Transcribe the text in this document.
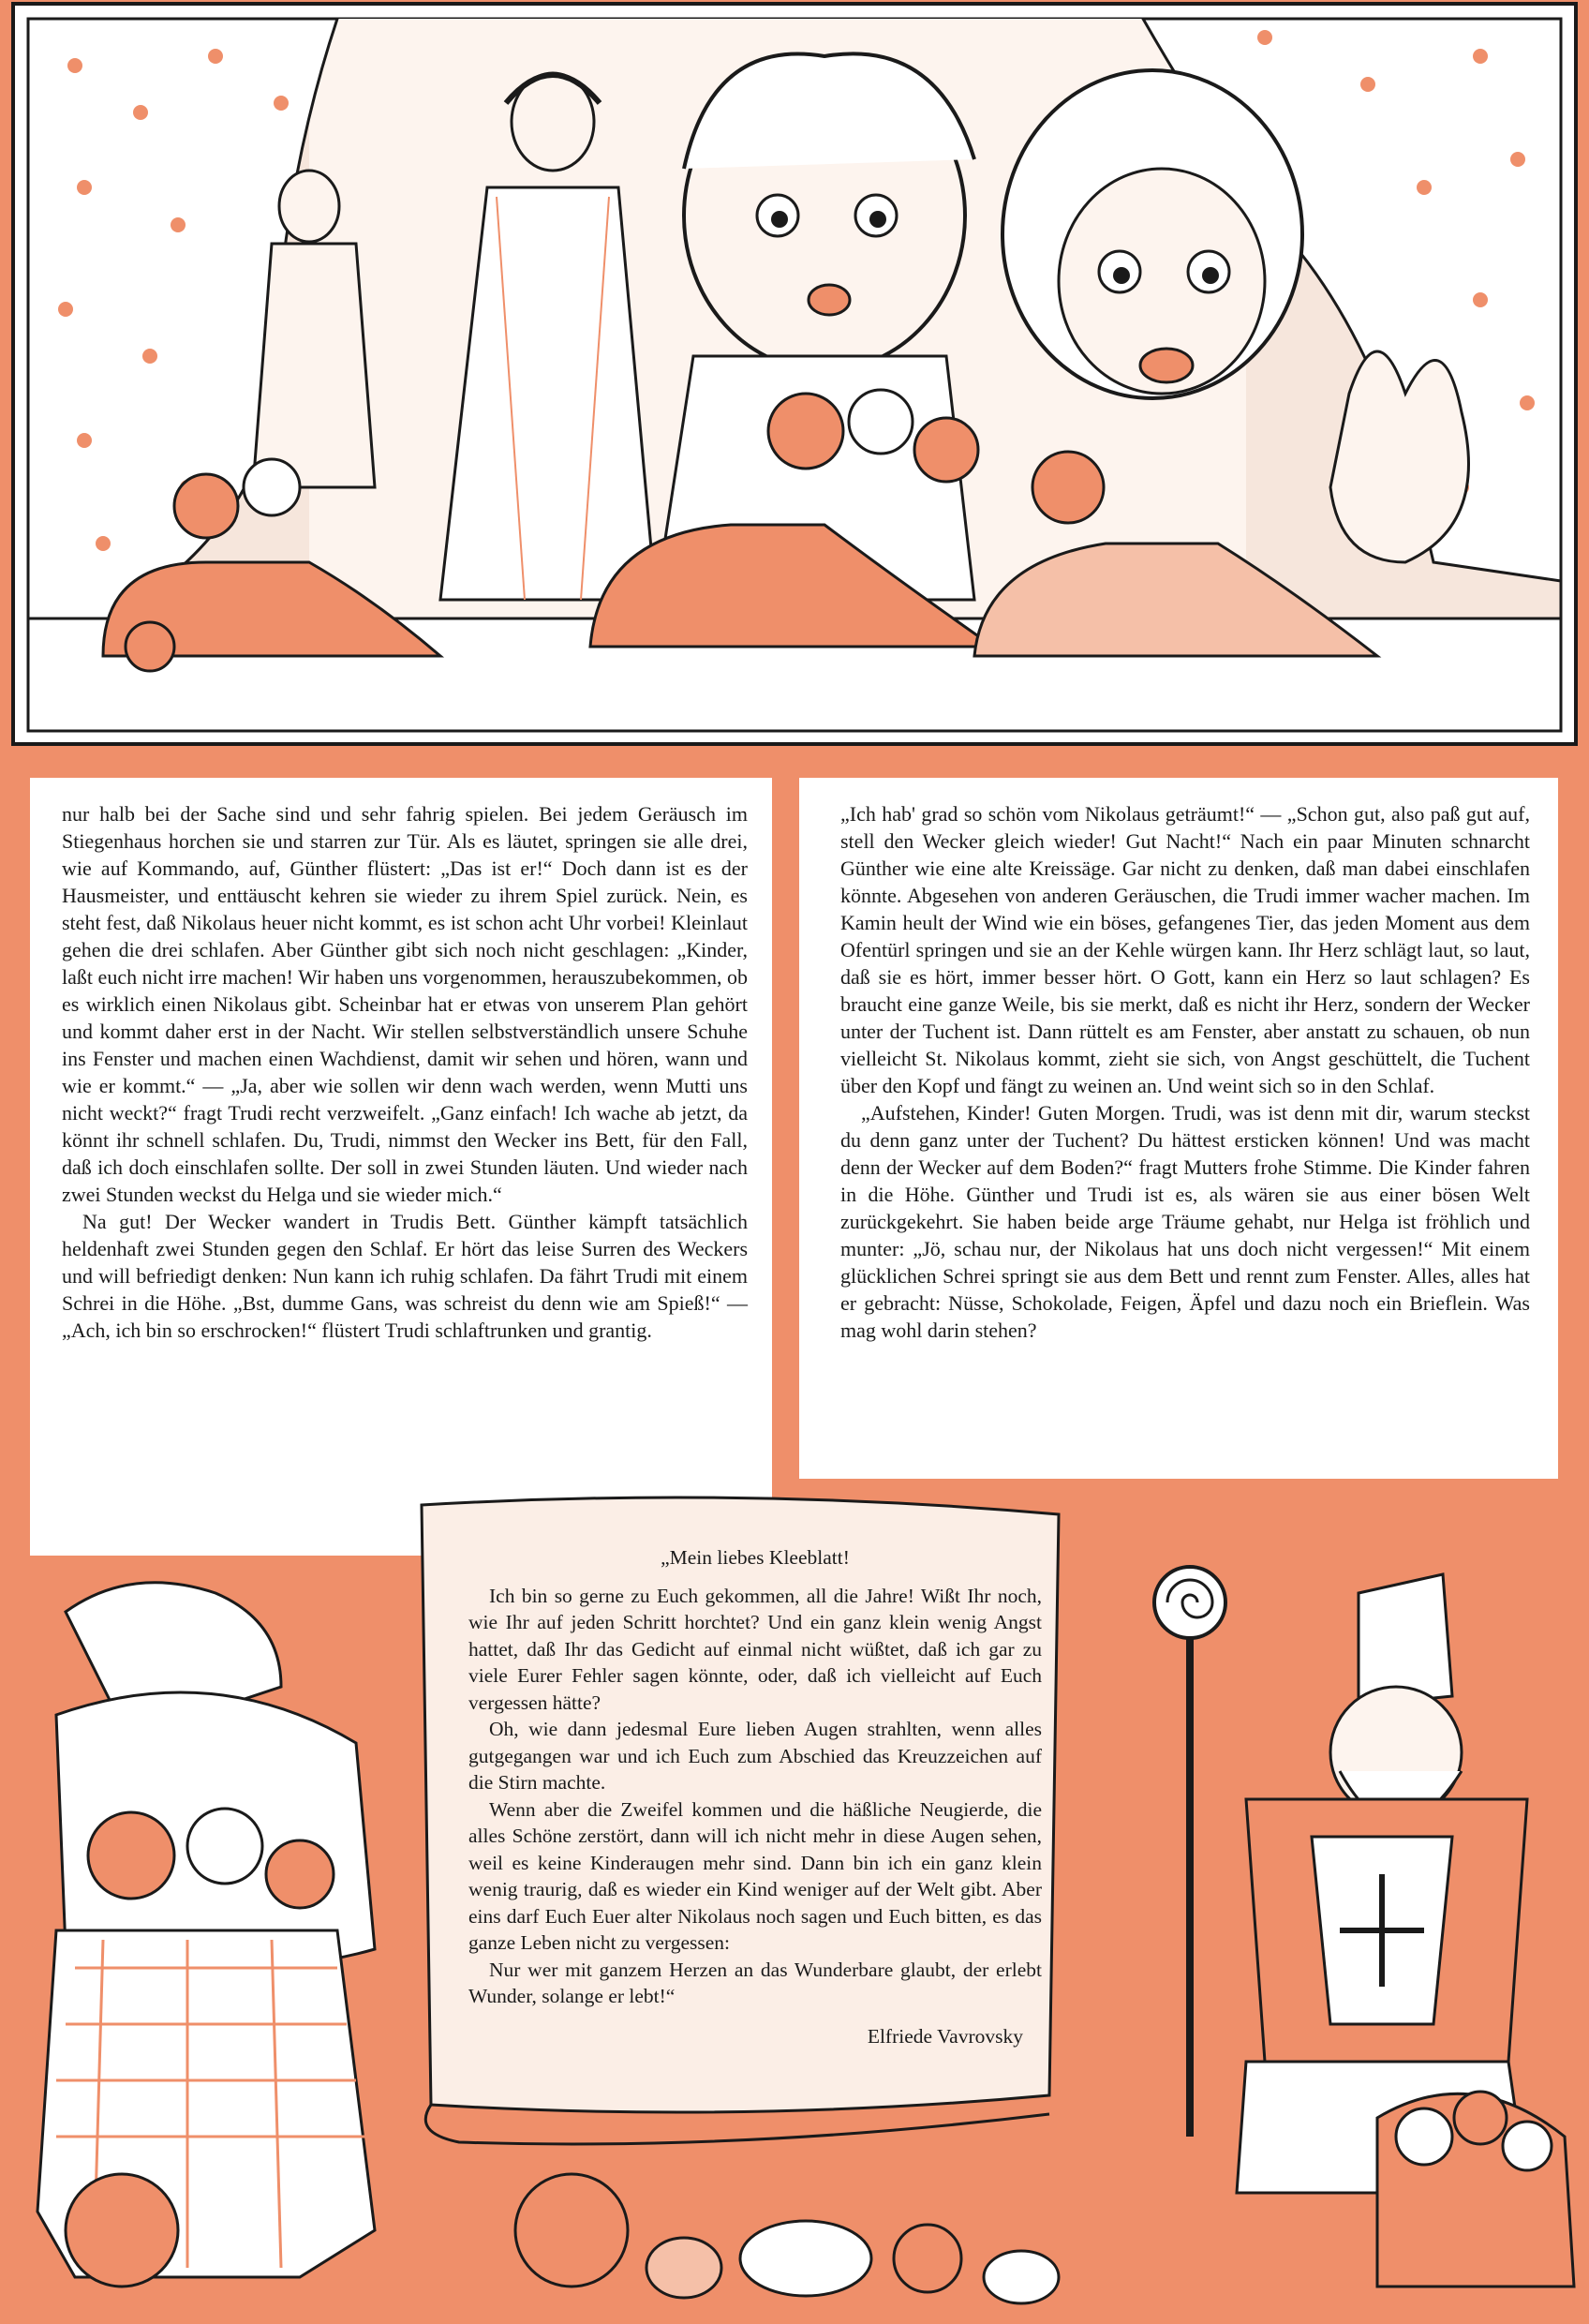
nur halb bei der Sache sind und sehr fahrig spielen. Bei jedem Geräusch im Stiegenhaus horchen sie und starren zur Tür. Als es läutet, springen sie alle drei, wie auf Kommando, auf, Günther flüstert: „Das ist er!“ Doch dann ist es der Hausmeister, und enttäuscht kehren sie wieder zu ihrem Spiel zurück. Nein, es steht fest, daß Nikolaus heuer nicht kommt, es ist schon acht Uhr vorbei! Kleinlaut gehen die drei schlafen. Aber Günther gibt sich noch nicht geschlagen: „Kinder, laßt euch nicht irre machen! Wir haben uns vorgenommen, herauszubekommen, ob es wirklich einen Nikolaus gibt. Scheinbar hat er etwas von unserem Plan gehört und kommt daher erst in der Nacht. Wir stellen selbstverständlich unsere Schuhe ins Fenster und machen einen Wachdienst, damit wir sehen und hören, wann und wie er kommt.“ — „Ja, aber wie sollen wir denn wach werden, wenn Mutti uns nicht weckt?“ fragt Trudi recht verzweifelt. „Ganz einfach! Ich wache ab jetzt, da könnt ihr schnell schlafen. Du, Trudi, nimmst den Wecker ins Bett, für den Fall, daß ich doch einschlafen sollte. Der soll in zwei Stunden läuten. Und wieder nach zwei Stunden weckst du Helga und sie wieder mich.“

Na gut! Der Wecker wandert in Trudis Bett. Günther kämpft tatsächlich heldenhaft zwei Stunden gegen den Schlaf. Er hört das leise Surren des Weckers und will befriedigt denken: Nun kann ich ruhig schlafen. Da fährt Trudi mit einem Schrei in die Höhe. „Bst, dumme Gans, was schreist du denn wie am Spieß!“ — „Ach, ich bin so erschrocken!“ flüstert Trudi schlaftrunken und grantig.

„Ich hab' grad so schön vom Nikolaus geträumt!“ — „Schon gut, also paß gut auf, stell den Wecker gleich wieder! Gut Nacht!“ Nach ein paar Minuten schnarcht Günther wie eine alte Kreissäge. Gar nicht zu denken, daß man dabei einschlafen könnte. Abgesehen von anderen Geräuschen, die Trudi immer wacher machen. Im Kamin heult der Wind wie ein böses, gefangenes Tier, das jeden Moment aus dem Ofentürl springen und sie an der Kehle würgen kann. Ihr Herz schlägt laut, so laut, daß sie es hört, immer besser hört. O Gott, kann ein Herz so laut schlagen? Es braucht eine ganze Weile, bis sie merkt, daß es nicht ihr Herz, sondern der Wecker unter der Tuchent ist. Dann rüttelt es am Fenster, aber anstatt zu schauen, ob nun vielleicht St. Nikolaus kommt, zieht sie sich, von Angst geschüttelt, die Tuchent über den Kopf und fängt zu weinen an. Und weint sich so in den Schlaf.

„Aufstehen, Kinder! Guten Morgen. Trudi, was ist denn mit dir, warum steckst du denn ganz unter der Tuchent? Du hättest ersticken können! Und was macht denn der Wecker auf dem Boden?“ fragt Mutters frohe Stimme. Die Kinder fahren in die Höhe. Günther und Trudi ist es, als wären sie aus einer bösen Welt zurückgekehrt. Sie haben beide arge Träume gehabt, nur Helga ist fröhlich und munter: „Jö, schau nur, der Nikolaus hat uns doch nicht vergessen!“ Mit einem glücklichen Schrei springt sie aus dem Bett und rennt zum Fenster. Alles, alles hat er gebracht: Nüsse, Schokolade, Feigen, Äpfel und dazu noch ein Brieflein. Was mag wohl darin stehen?

„Mein liebes Kleeblatt!

Ich bin so gerne zu Euch gekommen, all die Jahre! Wißt Ihr noch, wie Ihr auf jeden Schritt horchtet? Und ein ganz klein wenig Angst hattet, daß Ihr das Gedicht auf einmal nicht wüßtet, daß ich gar zu viele Eurer Fehler sagen könnte, oder, daß ich vielleicht auf Euch vergessen hätte?

Oh, wie dann jedesmal Eure lieben Augen strahlten, wenn alles gutgegangen war und ich Euch zum Abschied das Kreuzzeichen auf die Stirn machte.

Wenn aber die Zweifel kommen und die häßliche Neugierde, die alles Schöne zerstört, dann will ich nicht mehr in diese Augen sehen, weil es keine Kinderaugen mehr sind. Dann bin ich ein ganz klein wenig traurig, daß es wieder ein Kind weniger auf der Welt gibt. Aber eins darf Euch Euer alter Nikolaus noch sagen und Euch bitten, es das ganze Leben nicht zu vergessen:

Nur wer mit ganzem Herzen an das Wunderbare glaubt, der erlebt Wunder, solange er lebt!“

Elfriede Vavrovsky
